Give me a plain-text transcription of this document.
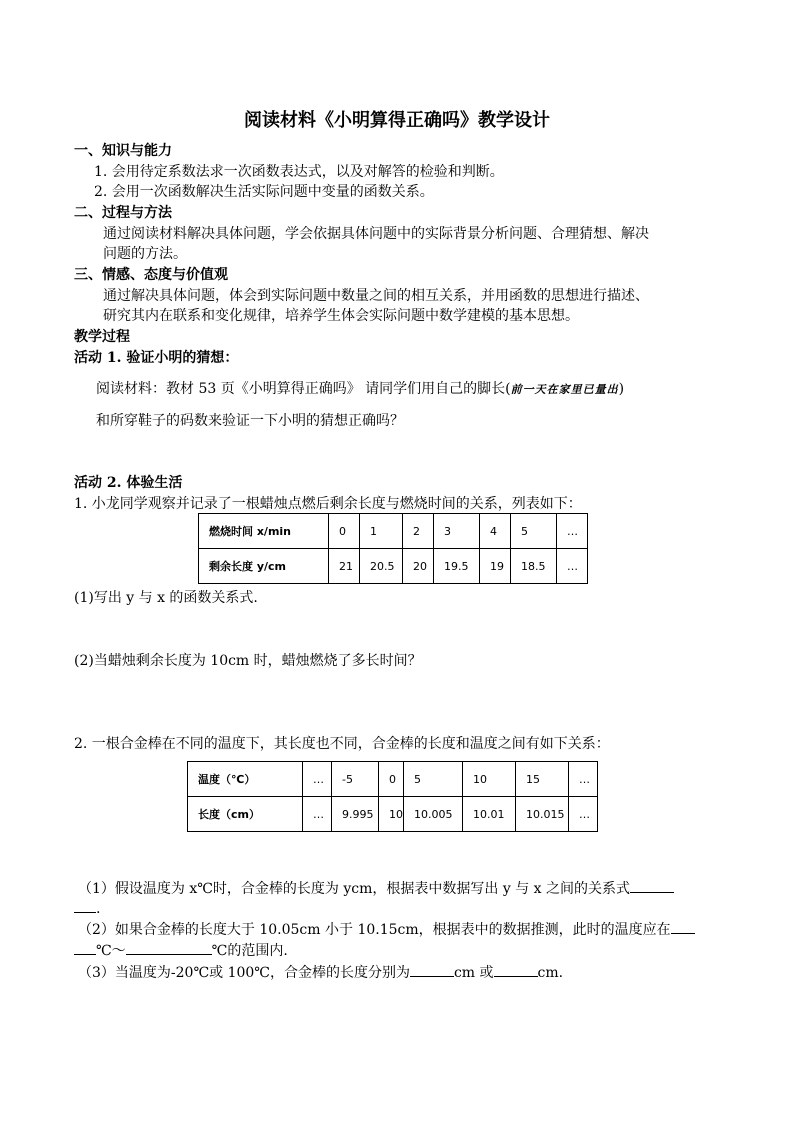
阅读材料《小明算得正确吗》教学设计
一、知识与能力
1. 会用待定系数法求一次函数表达式，以及对解答的检验和判断。
2. 会用一次函数解决生活实际问题中变量的函数关系。
二、过程与方法
通过阅读材料解决具体问题，学会依据具体问题中的实际背景分析问题、合理猜想、解决
问题的方法。
三、情感、态度与价值观
通过解决具体问题，体会到实际问题中数量之间的相互关系，并用函数的思想进行描述、
研究其内在联系和变化规律，培养学生体会实际问题中数学建模的基本思想。
教学过程
活动 1. 验证小明的猜想：
阅读材料：教材 53 页《小明算得正确吗》 请同学们用自己的脚长(前一天在家里已量出)
和所穿鞋子的码数来验证一下小明的猜想正确吗？
活动 2. 体验生活
1. 小龙同学观察并记录了一根蜡烛点燃后剩余长度与燃烧时间的关系，列表如下：
燃烧时间 x/min	0	1	2	3	4	5	…
剩余长度 y/cm	21	20.5	20	19.5	19	18.5	…
(1)写出 y 与 x 的函数关系式.
(2)当蜡烛剩余长度为 10cm 时，蜡烛燃烧了多长时间？
2. 一根合金棒在不同的温度下，其长度也不同，合金棒的长度和温度之间有如下关系：
温度（℃）	…	-5	0	5	10	15	…
长度（cm）	…	9.995	10	10.005	10.01	10.015	…
（1）假设温度为 x℃时，合金棒的长度为 ycm，根据表中数据写出 y 与 x 之间的关系式
.
（2）如果合金棒的长度大于 10.05cm 小于 10.15cm，根据表中的数据推测，此时的温度应在
℃～	℃的范围内.
（3）当温度为-20℃或 100℃，合金棒的长度分别为	cm 或	cm.
